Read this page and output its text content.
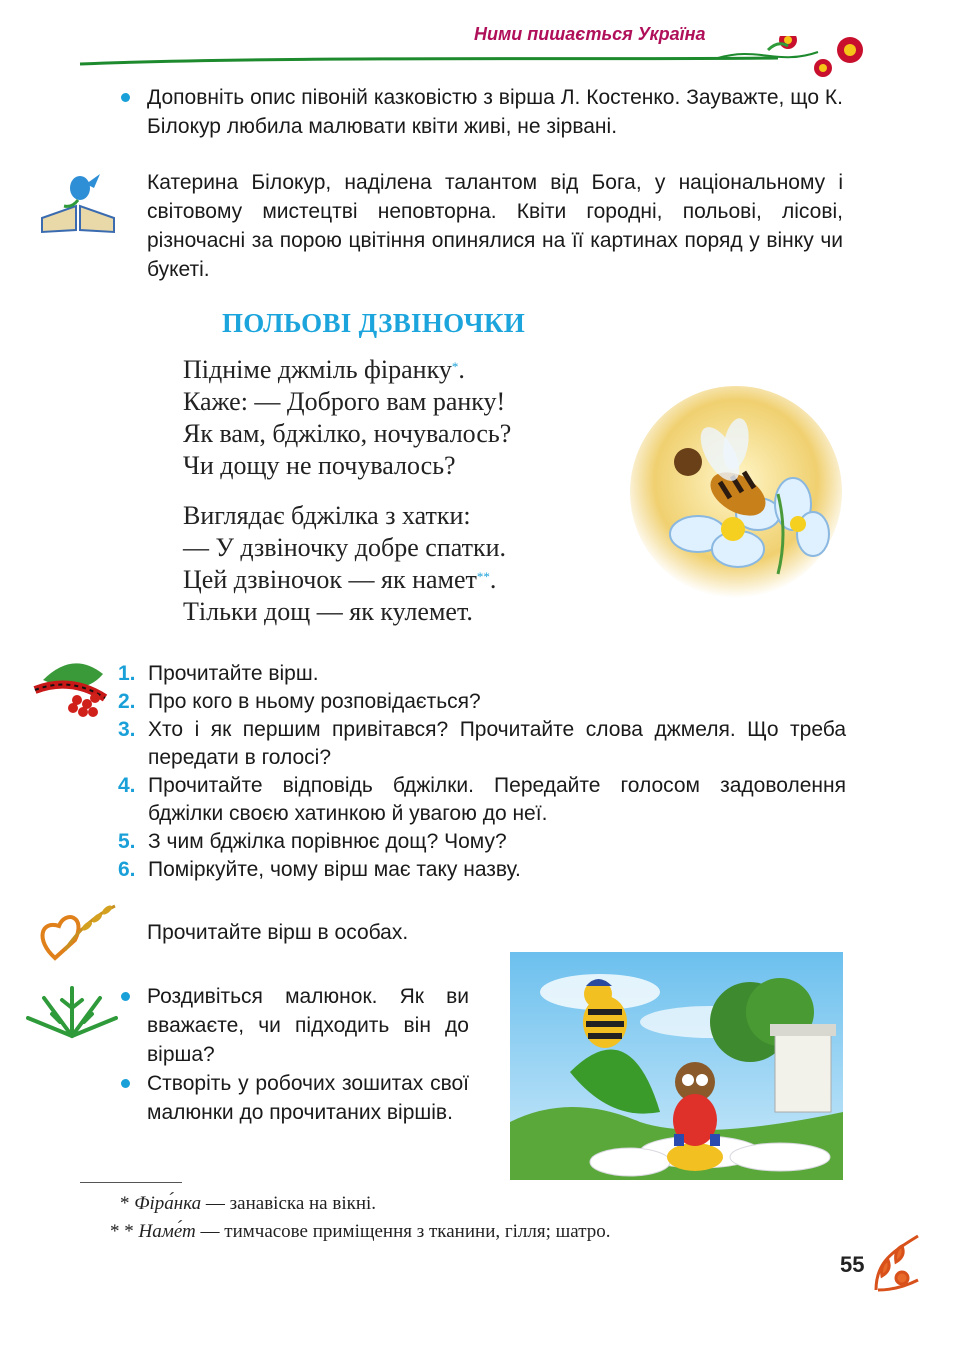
Ними пишається Україна
Доповніть опис півоній казковістю з вірша Л. Костенко. Зауважте, що К. Білокур любила малювати квіти живі, не зірвані.
Катерина Білокур, наділена талантом від Бога, у національному і світовому мистецтві неповторна. Квіти городні, польові, лісові, різночасні за порою цвітіння опинялися на її картинах поряд у вінку чи букеті.
ПОЛЬОВІ ДЗВІНОЧКИ
Підніме джміль фіранку*.
Каже: — Доброго вам ранку!
Як вам, бджілко, ночувалось?
Чи дощу не почувалось?
Виглядає бджілка з хатки:
— У дзвіночку добре спатки.
Цей дзвіночок — як намет**.
Тільки дощ — як кулемет.
1. Прочитайте вірш.
2. Про кого в ньому розповідається?
3. Хто і як першим привітався? Прочитайте слова джмеля. Що треба передати в голосі?
4. Прочитайте відповідь бджілки. Передайте голосом задоволення бджілки своєю хатинкою й увагою до неї.
5. З чим бджілка порівнює дощ? Чому?
6. Поміркуйте, чому вірш має таку назву.
Прочитайте вірш в особах.
Роздивіться малюнок. Як ви вважаєте, чи підходить він до вірша?
Створіть у робочих зошитах свої малюнки до прочитаних віршів.
* Фіра́нка — занавіска на вікні.
* * Наме́т — тимчасове приміщення з тканини, гілля; шатро.
55
